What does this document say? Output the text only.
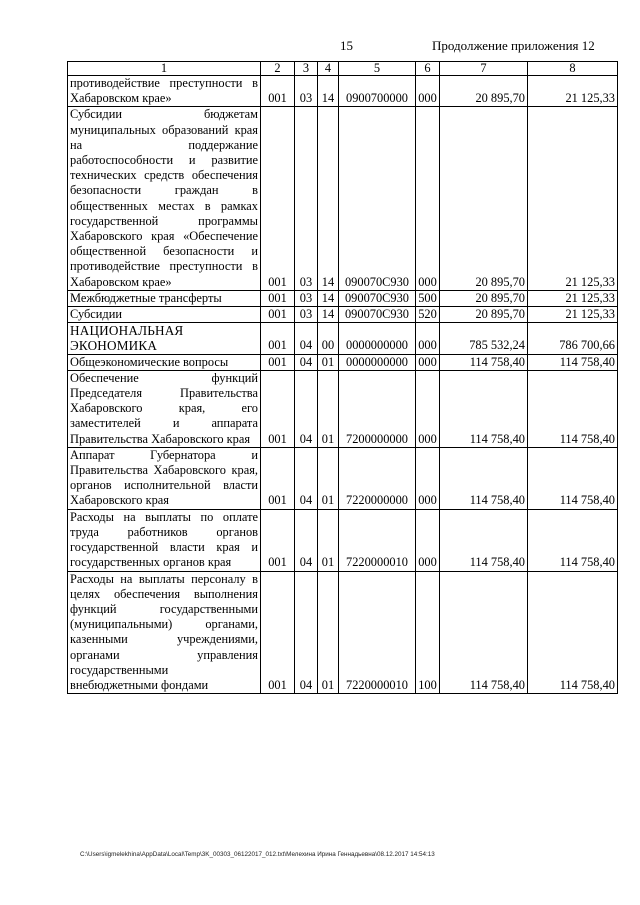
15	Продолжение приложения 12
1	2	3	4	5	6	7	8
противодействие преступности в Хабаровском крае»	001	03	14	0900700000	000	20 895,70	21 125,33
Субсидии бюджетам муниципальных образований края на поддержание работоспособности и развитие технических средств обеспечения безопасности граждан в общественных местах в рамках государственной программы Хабаровского края «Обеспечение общественной безопасности и противодействие преступности в Хабаровском крае»	001	03	14	090070С930	000	20 895,70	21 125,33
Межбюджетные трансферты	001	03	14	090070С930	500	20 895,70	21 125,33
Субсидии	001	03	14	090070С930	520	20 895,70	21 125,33
НАЦИОНАЛЬНАЯ ЭКОНОМИКА	001	04	00	0000000000	000	785 532,24	786 700,66
Общеэкономические вопросы	001	04	01	0000000000	000	114 758,40	114 758,40
Обеспечение функций Председателя Правительства Хабаровского края, его заместителей и аппарата Правительства Хабаровского края	001	04	01	7200000000	000	114 758,40	114 758,40
Аппарат Губернатора и Правительства Хабаровского края, органов исполнительной власти Хабаровского края	001	04	01	7220000000	000	114 758,40	114 758,40
Расходы на выплаты по оплате труда работников органов государственной власти края и государственных органов края	001	04	01	7220000010	000	114 758,40	114 758,40
Расходы на выплаты персоналу в целях обеспечения выполнения функций государственными (муниципальными) органами, казенными учреждениями, органами управления государственными внебюджетными фондами	001	04	01	7220000010	100	114 758,40	114 758,40
C:\Users\igmelekhina\AppData\Local\Temp\3K_00303_06122017_012.txt\Мелехина Ирина Геннадьевна\08.12.2017 14:54:13
